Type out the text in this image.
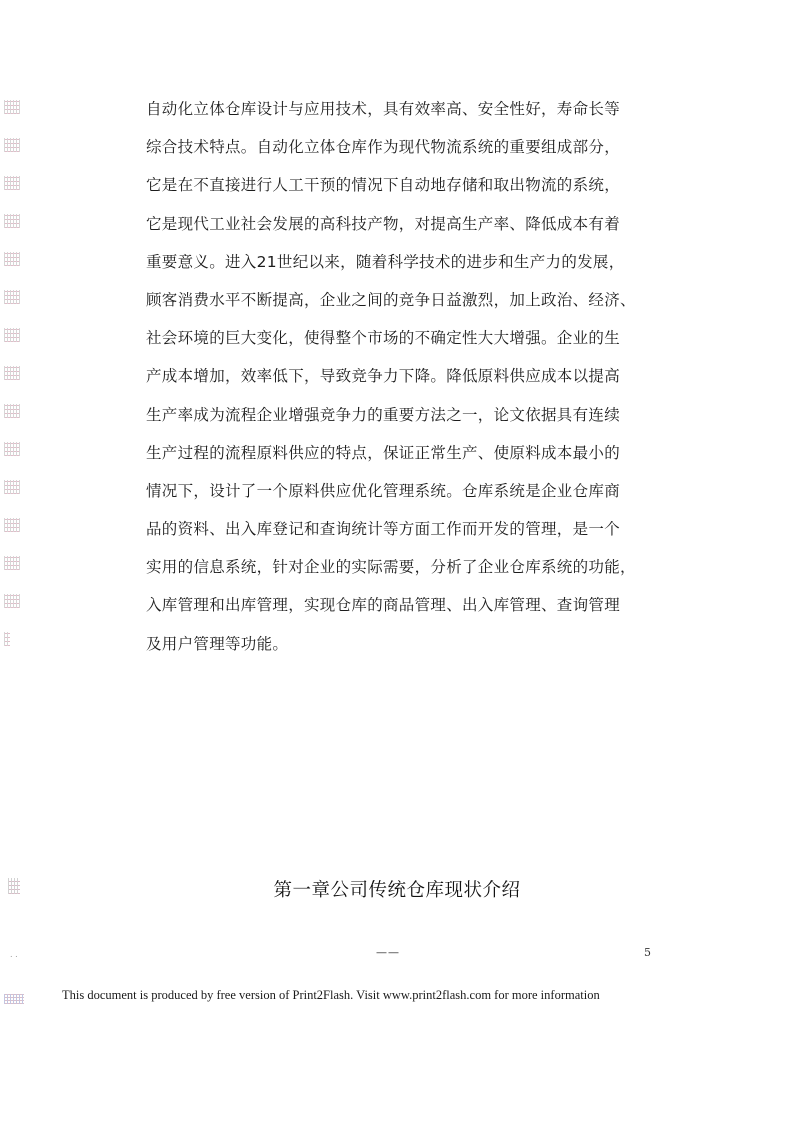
自动化立体仓库设计与应用技术，具有效率高、安全性好，寿命长等
综合技术特点。自动化立体仓库作为现代物流系统的重要组成部分，
它是在不直接进行人工干预的情况下自动地存储和取出物流的系统，
它是现代工业社会发展的高科技产物，对提高生产率、降低成本有着
重要意义。进入21世纪以来，随着科学技术的进步和生产力的发展，
顾客消费水平不断提高，企业之间的竞争日益激烈，加上政治、经济、
社会环境的巨大变化，使得整个市场的不确定性大大增强。企业的生
产成本增加，效率低下，导致竞争力下降。降低原料供应成本以提高
生产率成为流程企业增强竞争力的重要方法之一，论文依据具有连续
生产过程的流程原料供应的特点，保证正常生产、使原料成本最小的
情况下，设计了一个原料供应优化管理系统。仓库系统是企业仓库商
品的资料、出入库登记和查询统计等方面工作而开发的管理，是一个
实用的信息系统，针对企业的实际需要，分析了企业仓库系统的功能，
入库管理和出库管理，实现仓库的商品管理、出入库管理、查询管理
及用户管理等功能。
第一章公司传统仓库现状介绍
. .	——	5
This document is produced by free version of Print2Flash. Visit www.print2flash.com for more information
